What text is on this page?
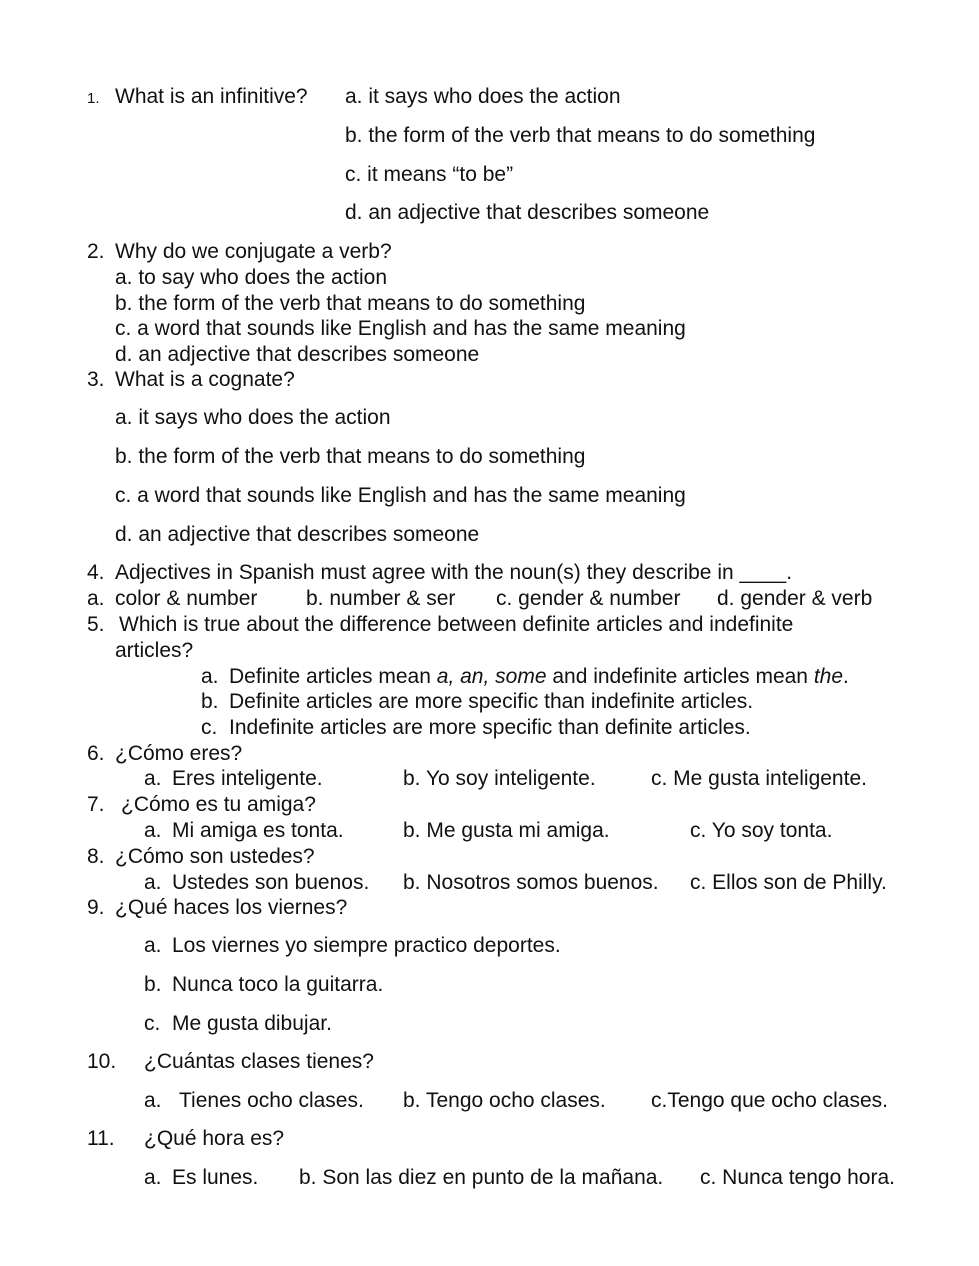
1. What is an infinitive? a. it says who does the action
b. the form of the verb that means to do something
c. it means “to be”
d. an adjective that describes someone
2. Why do we conjugate a verb?
a. to say who does the action
b. the form of the verb that means to do something
c. a word that sounds like English and has the same meaning
d. an adjective that describes someone
3. What is a cognate?
a. it says who does the action
b. the form of the verb that means to do something
c. a word that sounds like English and has the same meaning
d. an adjective that describes someone
4. Adjectives in Spanish must agree with the noun(s) they describe in ____.
a. color & number b. number & ser c. gender & number d. gender & verb
5. Which is true about the difference between definite articles and indefinite
articles?
a. Definite articles mean a, an, some and indefinite articles mean the.
b. Definite articles are more specific than indefinite articles.
c. Indefinite articles are more specific than definite articles.
6. ¿Cómo eres?
a. Eres inteligente.	b. Yo soy inteligente.	c. Me gusta inteligente.
7. ¿Cómo es tu amiga?
a. Mi amiga es tonta.	b. Me gusta mi amiga.	c. Yo soy tonta.
8. ¿Cómo son ustedes?
a. Ustedes son buenos. b. Nosotros somos buenos. c. Ellos son de Philly.
9. ¿Qué haces los viernes?
a. Los viernes yo siempre practico deportes.
b. Nunca toco la guitarra.
c. Me gusta dibujar.
10. ¿Cuántas clases tienes?
a. Tienes ocho clases. b. Tengo ocho clases. c.Tengo que ocho clases.
11. ¿Qué hora es?
a. Es lunes. b. Son las diez en punto de la mañana. c. Nunca tengo hora.
